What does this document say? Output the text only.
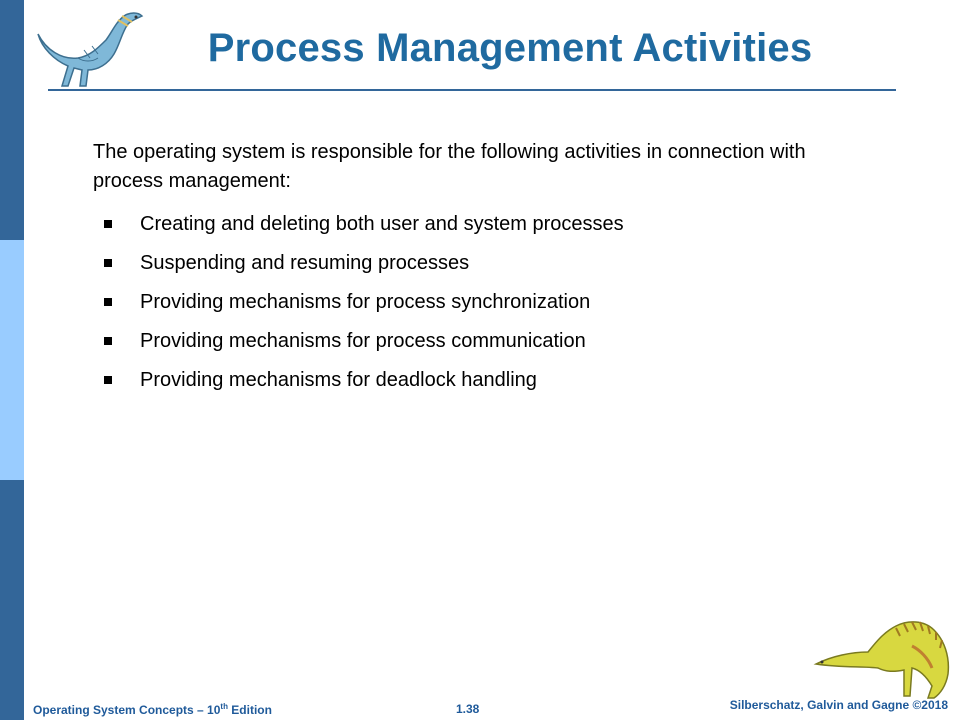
Process Management Activities
The operating system is responsible for the following activities in connection with process management:
Creating and deleting both user and system processes
Suspending and resuming processes
Providing mechanisms for process synchronization
Providing mechanisms for process communication
Providing mechanisms for deadlock handling
Operating System Concepts – 10th Edition	1.38	Silberschatz, Galvin and Gagne ©2018
